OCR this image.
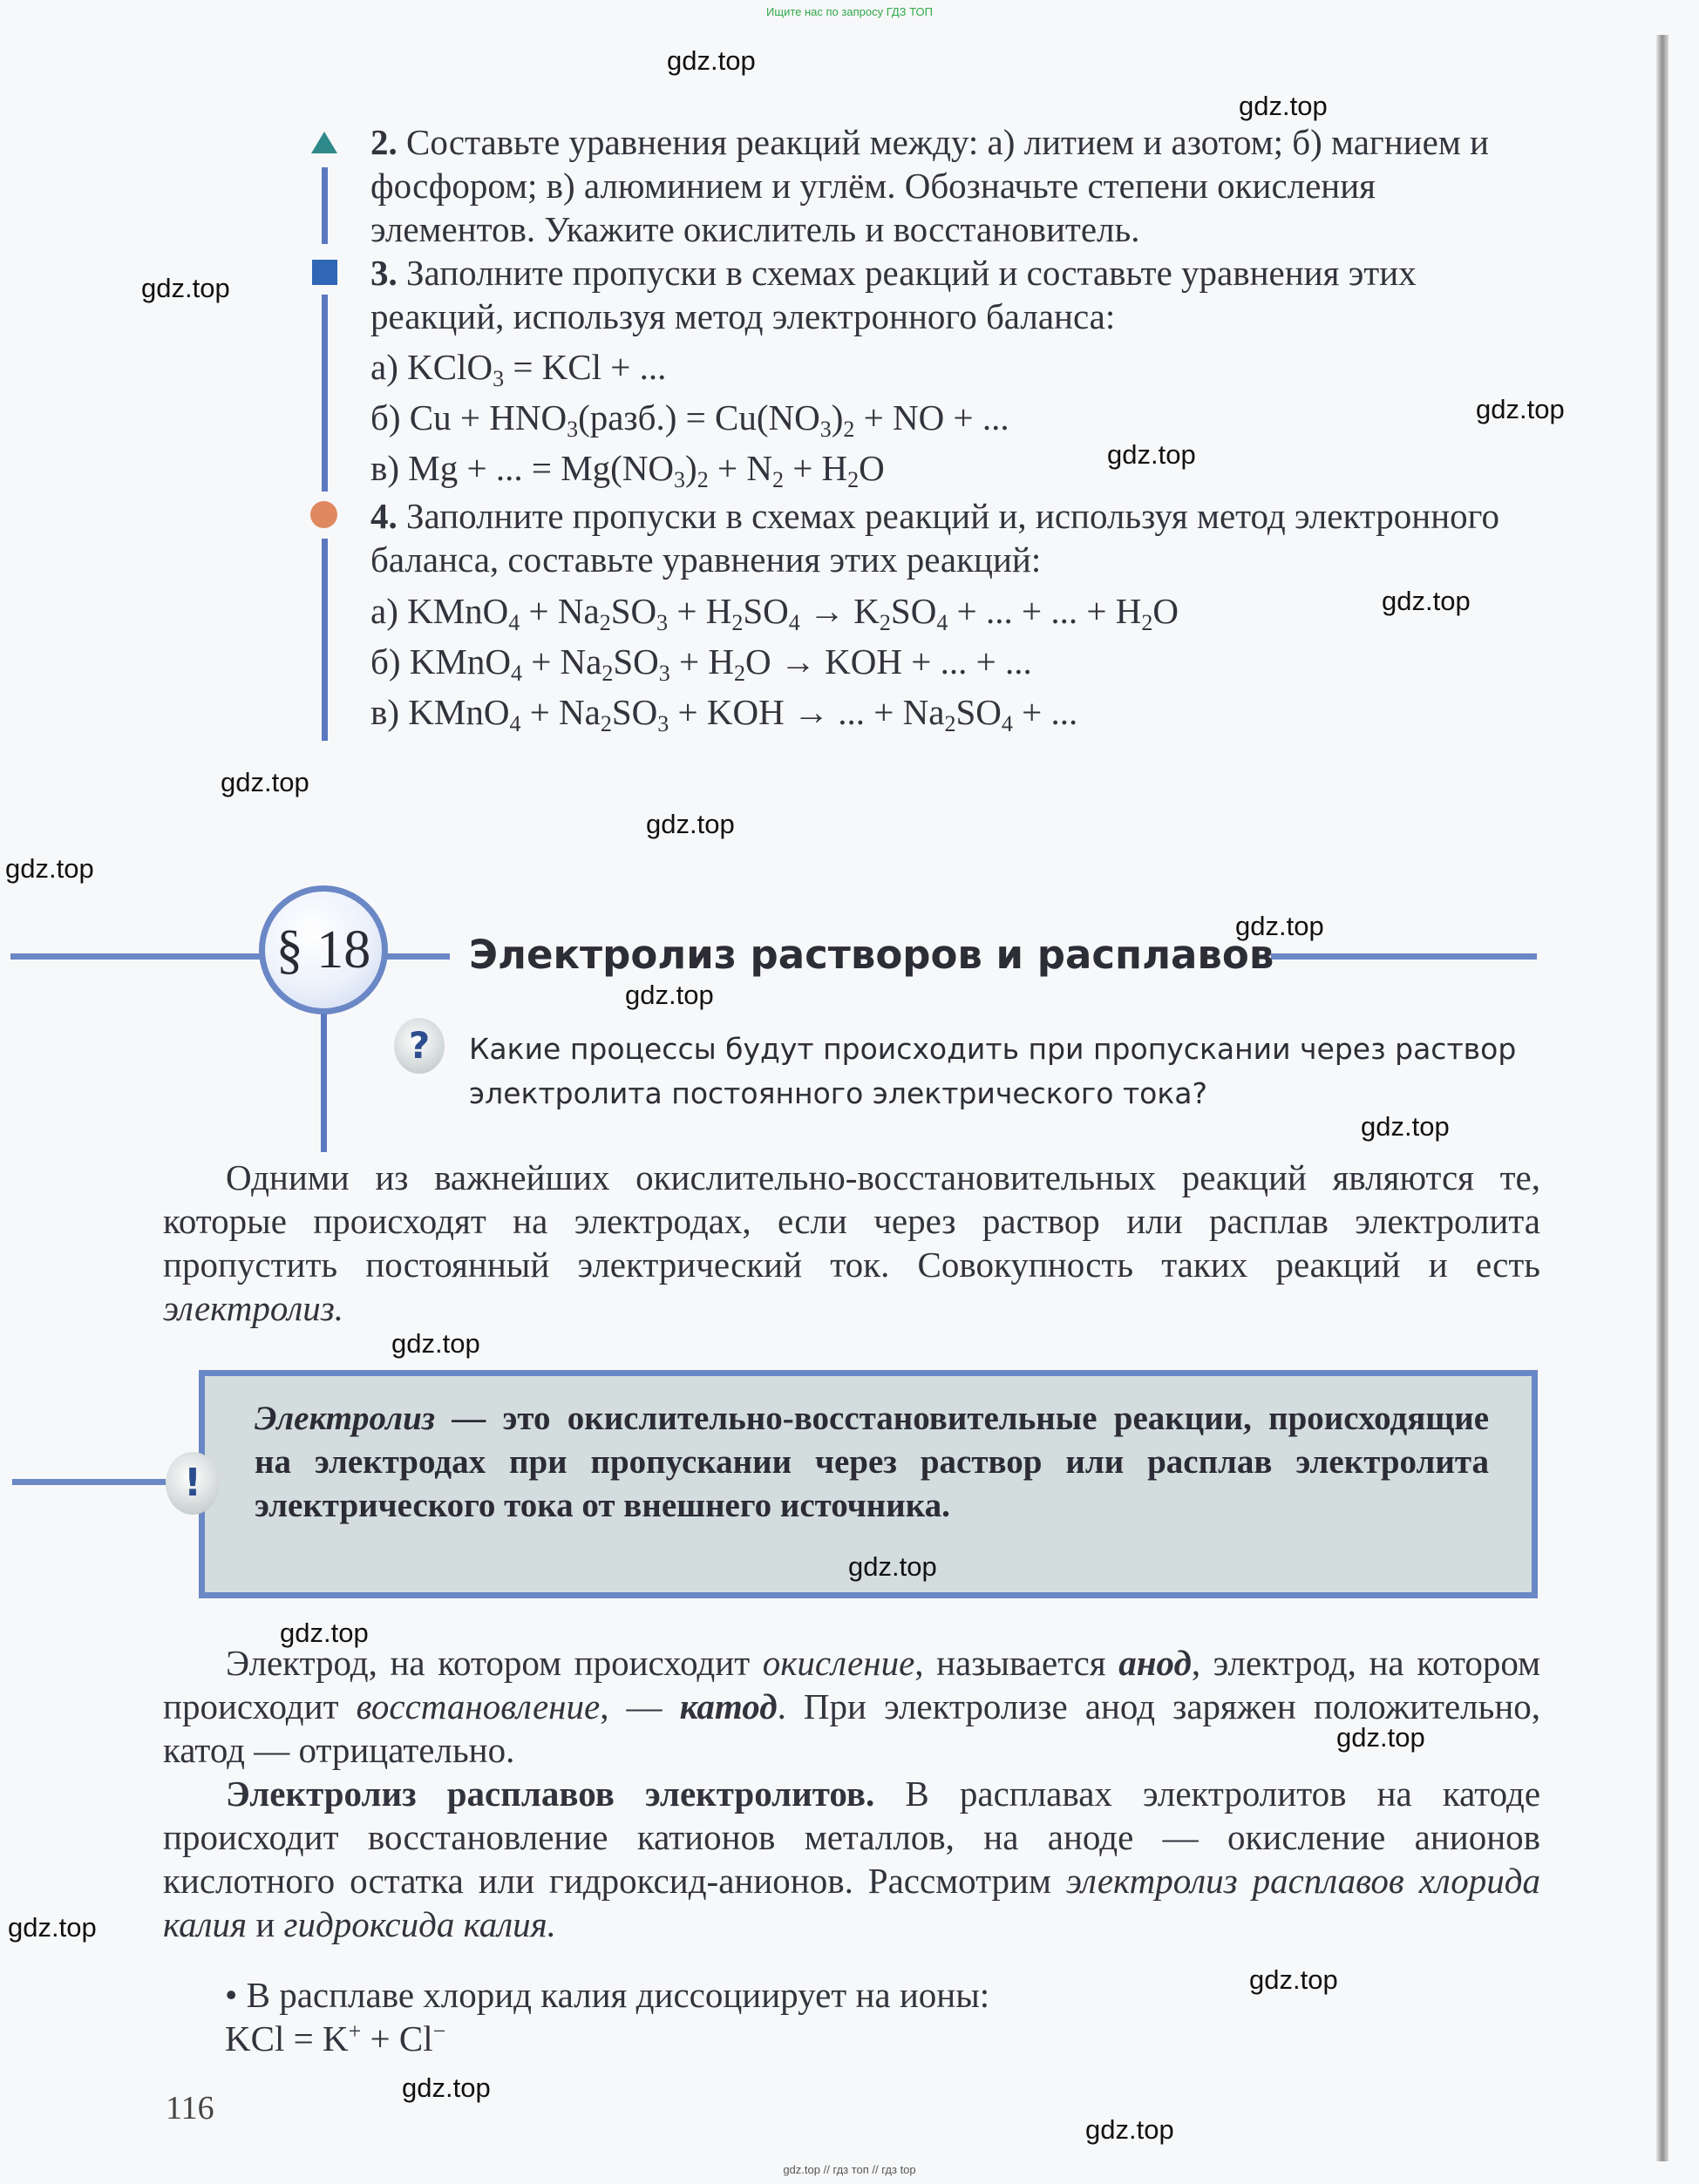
Ищите нас по запросу ГДЗ ТОП
2. Составьте уравнения реакций между: а) литием и азотом; б) магнием и фосфором; в) алюминием и углём. Обозначьте степени окисления элементов. Укажите окислитель и восстановитель.
3. Заполните пропуски в схемах реакций и составьте уравнения этих реакций, используя метод электронного баланса:
а) KClO$_3$ = KCl + ...
б) $Cu + HNO_3(разб.) = Cu(NO_3)_2$ + NO + ...
в) Mg + ... = $Mg(NO_3)_2 + N_2 + H_2O$
4. Заполните пропуски в схемах реакций и, используя метод электронного баланса, составьте уравнения этих реакций:
а) KMnO$_4$ + $Na_2SO_3 + H_2SO_4 \to K_2SO_4$ + ... + ... + $H_2O$
б) KMnO$_4$ + $Na_2SO_3 + H_2O$ → KOH + ... + ...
в) KMnO$_4$ + $Na_2SO_3$ + KOH → ... + $Na_2SO_4$ + ...
§ 18	Электролиз растворов и расплавов
?	Какие процессы будут происходить при пропускании через раствор электролита постоянного электрического тока?
Одними из важнейших окислительно-восстановительных реакций являются те, которые происходят на электродах, если через раствор или расплав электролита пропустить постоянный электрический ток. Совокупность таких реакций и есть электролиз.
!
Электролиз — это окислительно-восстановительные реакции, происходящие на электродах при пропускании через раствор или расплав электролита электрического тока от внешнего источника.
Электрод, на котором происходит окисление, называется анод, электрод, на котором происходит восстановление, — катод. При электролизе анод заряжен положительно, катод — отрицательно.
Электролиз расплавов электролитов. В расплавах электролитов на катоде происходит восстановление катионов металлов, на аноде — окисление анионов кислотного остатка или гидроксид-анионов. Рассмотрим электролиз расплавов хлорида калия и гидроксида калия.
• В расплаве хлорид калия диссоциирует на ионы:
KCl = K+ + Cl−
116
gdz.top
gdz.top
gdz.top
gdz.top
gdz.top
gdz.top
gdz.top
gdz.top
gdz.top
gdz.top
gdz.top
gdz.top
gdz.top
gdz.top
gdz.top
gdz.top
gdz.top
gdz.top
gdz.top
gdz.top
gdz.top // гдз топ // гдз top
